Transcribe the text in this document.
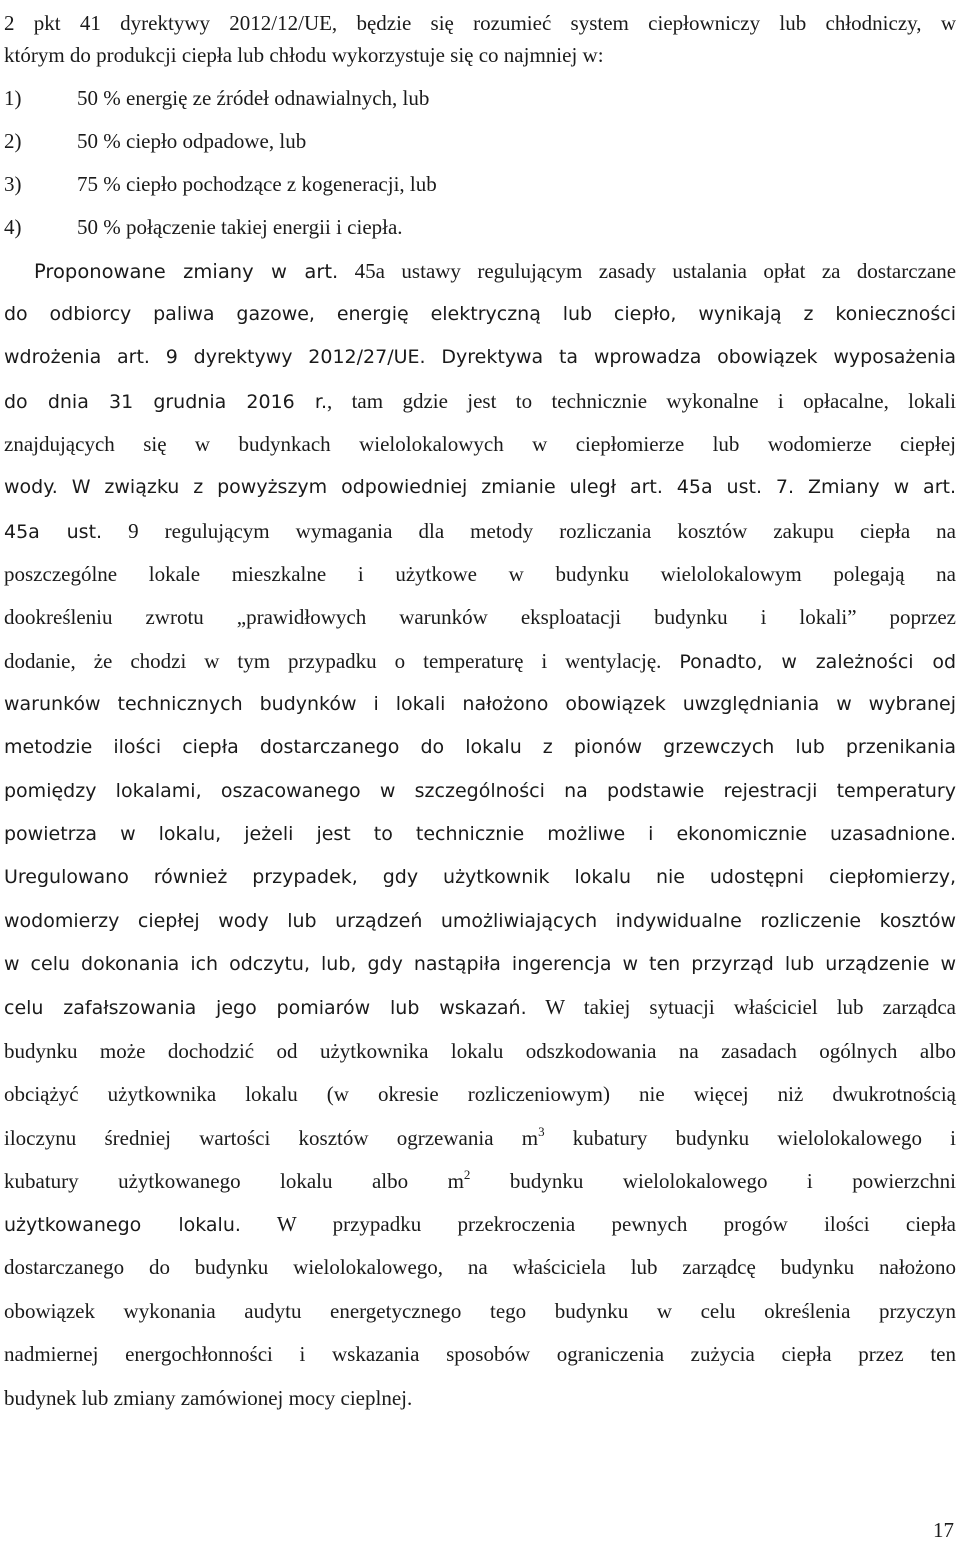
2 pkt 41 dyrektywy 2012/12/UE, będzie się rozumieć system ciepłowniczy lub chłodniczy, w
którym do produkcji ciepła lub chłodu wykorzystuje się co najmniej w:
1)	50 % energię ze źródeł odnawialnych, lub
2)	50 % ciepło odpadowe, lub
3)	75 % ciepło pochodzące z kogeneracji, lub
4)	50 % połączenie takiej energii i ciepła.
Proponowane zmiany w art. 45a ustawy regulującym zasady ustalania opłat za dostarczane
do odbiorcy paliwa gazowe, energię elektryczną lub ciepło, wynikają z konieczności
wdrożenia art. 9 dyrektywy 2012/27/UE. Dyrektywa ta wprowadza obowiązek wyposażenia
do dnia 31 grudnia 2016 r., tam gdzie jest to technicznie wykonalne i opłacalne, lokali
znajdujących się w budynkach wielolokalowych w ciepłomierze lub wodomierze ciepłej
wody. W związku z powyższym odpowiedniej zmianie uległ art. 45a ust. 7. Zmiany w art.
45a ust. 9 regulującym wymagania dla metody rozliczania kosztów zakupu ciepła na
poszczególne lokale mieszkalne i użytkowe w budynku wielolokalowym polegają na
dookreśleniu zwrotu „prawidłowych warunków eksploatacji budynku i lokali” poprzez
dodanie, że chodzi w tym przypadku o temperaturę i wentylację. Ponadto, w zależności od
warunków technicznych budynków i lokali nałożono obowiązek uwzględniania w wybranej
metodzie ilości ciepła dostarczanego do lokalu z pionów grzewczych lub przenikania
pomiędzy lokalami, oszacowanego w szczególności na podstawie rejestracji temperatury
powietrza w lokalu, jeżeli jest to technicznie możliwe i ekonomicznie uzasadnione.
Uregulowano również przypadek, gdy użytkownik lokalu nie udostępni ciepłomierzy,
wodomierzy ciepłej wody lub urządzeń umożliwiających indywidualne rozliczenie kosztów
w celu dokonania ich odczytu, lub, gdy nastąpiła ingerencja w ten przyrząd lub urządzenie w
celu zafałszowania jego pomiarów lub wskazań. W takiej sytuacji właściciel lub zarządca
budynku może dochodzić od użytkownika lokalu odszkodowania na zasadach ogólnych albo
obciążyć użytkownika lokalu (w okresie rozliczeniowym) nie więcej niż dwukrotnością
iloczynu średniej wartości kosztów ogrzewania $m^3$ kubatury budynku wielolokalowego i
kubatury użytkowanego lokalu albo $m^2$ budynku wielolokalowego i powierzchni
użytkowanego lokalu. W przypadku przekroczenia pewnych progów ilości ciepła
dostarczanego do budynku wielolokalowego, na właściciela lub zarządcę budynku nałożono
obowiązek wykonania audytu energetycznego tego budynku w celu określenia przyczyn
nadmiernej energochłonności i wskazania sposobów ograniczenia zużycia ciepła przez ten
budynek lub zmiany zamówionej mocy cieplnej.
17
